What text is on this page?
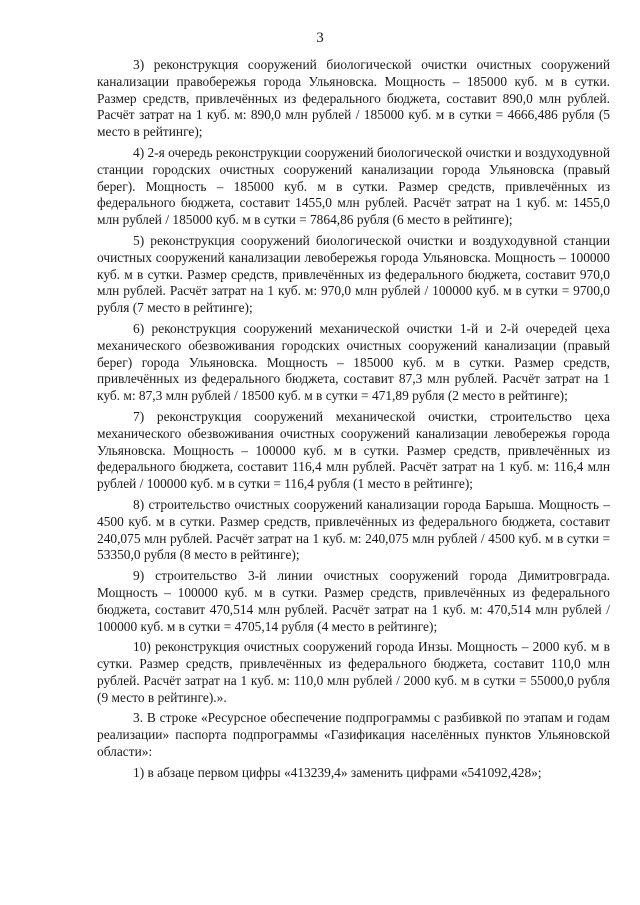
3

3) реконструкция сооружений биологической очистки очистных сооружений канализации правобережья города Ульяновска. Мощность – 185000 куб. м в сутки. Размер средств, привлечённых из федерального бюджета, составит 890,0 млн рублей. Расчёт затрат на 1 куб. м: 890,0 млн рублей / 185000 куб. м в сутки = 4666,486 рубля (5 место в рейтинге);

4) 2-я очередь реконструкции сооружений биологической очистки и воздуходувной станции городских очистных сооружений канализации города Ульяновска (правый берег). Мощность – 185000 куб. м в сутки. Размер средств, привлечённых из федерального бюджета, составит 1455,0 млн рублей. Расчёт затрат на 1 куб. м: 1455,0 млн рублей / 185000 куб. м в сутки = 7864,86 рубля (6 место в рейтинге);

5) реконструкция сооружений биологической очистки и воздуходувной станции очистных сооружений канализации левобережья города Ульяновска. Мощность – 100000 куб. м в сутки. Размер средств, привлечённых из федерального бюджета, составит 970,0 млн рублей. Расчёт затрат на 1 куб. м: 970,0 млн рублей / 100000 куб. м в сутки = 9700,0 рубля (7 место в рейтинге);

6) реконструкция сооружений механической очистки 1-й и 2-й очередей цеха механического обезвоживания городских очистных сооружений канализации (правый берег) города Ульяновска. Мощность – 185000 куб. м в сутки. Размер средств, привлечённых из федерального бюджета, составит 87,3 млн рублей. Расчёт затрат на 1 куб. м: 87,3 млн рублей / 18500 куб. м в сутки = 471,89 рубля (2 место в рейтинге);

7) реконструкция сооружений механической очистки, строительство цеха механического обезвоживания очистных сооружений канализации левобережья города Ульяновска. Мощность – 100000 куб. м в сутки. Размер средств, привлечённых из федерального бюджета, составит 116,4 млн рублей. Расчёт затрат на 1 куб. м: 116,4 млн рублей / 100000 куб. м в сутки = 116,4 рубля (1 место в рейтинге);

8) строительство очистных сооружений канализации города Барыша. Мощность – 4500 куб. м в сутки. Размер средств, привлечённых из федерального бюджета, составит 240,075 млн рублей. Расчёт затрат на 1 куб. м: 240,075 млн рублей / 4500 куб. м в сутки = 53350,0 рубля (8 место в рейтинге);

9) строительство 3-й линии очистных сооружений города Димитровграда. Мощность – 100000 куб. м в сутки. Размер средств, привлечённых из федерального бюджета, составит 470,514 млн рублей. Расчёт затрат на 1 куб. м: 470,514 млн рублей / 100000 куб. м в сутки = 4705,14 рубля (4 место в рейтинге);

10) реконструкция очистных сооружений города Инзы. Мощность – 2000 куб. м в сутки. Размер средств, привлечённых из федерального бюджета, составит 110,0 млн рублей. Расчёт затрат на 1 куб. м: 110,0 млн рублей / 2000 куб. м в сутки = 55000,0 рубля (9 место в рейтинге).».

3. В строке «Ресурсное обеспечение подпрограммы с разбивкой по этапам и годам реализации» паспорта подпрограммы «Газификация населённых пунктов Ульяновской области»:

1) в абзаце первом цифры «413239,4» заменить цифрами «541092,428»;
